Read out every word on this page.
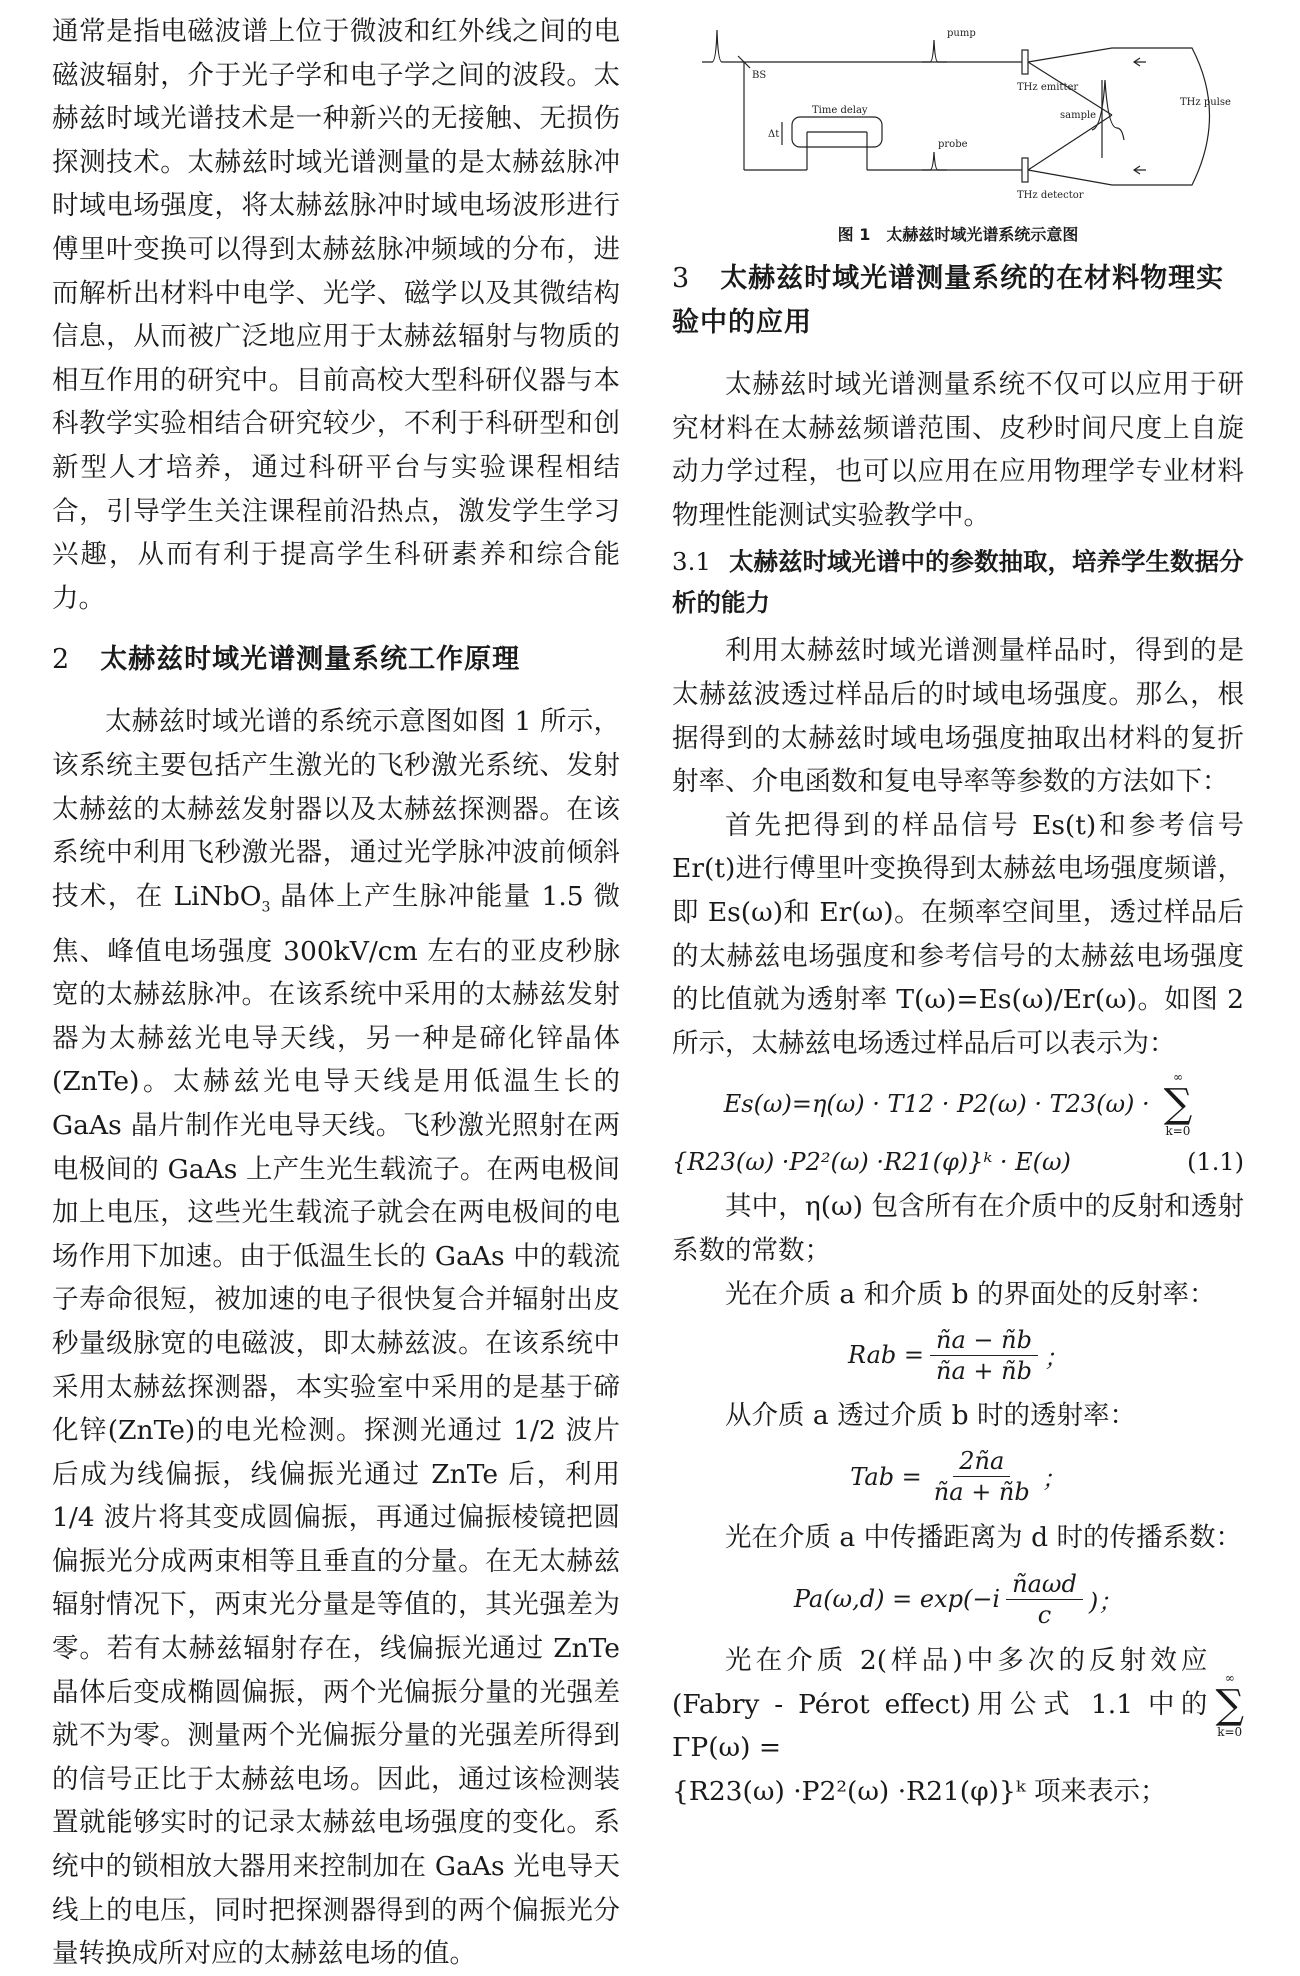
通常是指电磁波谱上位于微波和红外线之间的电磁波辐射，介于光子学和电子学之间的波段。太赫兹时域光谱技术是一种新兴的无接触、无损伤探测技术。太赫兹时域光谱测量的是太赫兹脉冲时域电场强度，将太赫兹脉冲时域电场波形进行傅里叶变换可以得到太赫兹脉冲频域的分布，进而解析出材料中电学、光学、磁学以及其微结构信息，从而被广泛地应用于太赫兹辐射与物质的相互作用的研究中。目前高校大型科研仪器与本科教学实验相结合研究较少，不利于科研型和创新型人才培养，通过科研平台与实验课程相结合，引导学生关注课程前沿热点，激发学生学习兴趣，从而有利于提高学生科研素养和综合能力。

2 太赫兹时域光谱测量系统工作原理

太赫兹时域光谱的系统示意图如图 1 所示，该系统主要包括产生激光的飞秒激光系统、发射太赫兹的太赫兹发射器以及太赫兹探测器。在该系统中利用飞秒激光器，通过光学脉冲波前倾斜技术，在 LiNbO$_3$ 晶体上产生脉冲能量 1.5 微焦、峰值电场强度 300kV/cm 左右的亚皮秒脉宽的太赫兹脉冲。在该系统中采用的太赫兹发射器为太赫兹光电导天线，另一种是碲化锌晶体(ZnTe)。太赫兹光电导天线是用低温生长的 GaAs 晶片制作光电导天线。飞秒激光照射在两电极间的 GaAs 上产生光生载流子。在两电极间加上电压，这些光生载流子就会在两电极间的电场作用下加速。由于低温生长的 GaAs 中的载流子寿命很短，被加速的电子很快复合并辐射出皮秒量级脉宽的电磁波，即太赫兹波。在该系统中采用太赫兹探测器，本实验室中采用的是基于碲化锌(ZnTe)的电光检测。探测光通过 1/2 波片后成为线偏振，线偏振光通过 ZnTe 后，利用 1/4 波片将其变成圆偏振，再通过偏振棱镜把圆偏振光分成两束相等且垂直的分量。在无太赫兹辐射情况下，两束光分量是等值的，其光强差为零。若有太赫兹辐射存在，线偏振光通过 ZnTe 晶体后变成椭圆偏振，两个光偏振分量的光强差就不为零。测量两个光偏振分量的光强差所得到的信号正比于太赫兹电场。因此，通过该检测装置就能够实时的记录太赫兹电场强度的变化。系统中的锁相放大器用来控制加在 GaAs 光电导天线上的电压，同时把探测器得到的两个偏振光分量转换成所对应的太赫兹电场的值。

pump
BS
THz emitter
THz pulse
sample
Time delay
Δt
probe
THz detector
图 1　太赫兹时域光谱系统示意图
3 太赫兹时域光谱测量系统的在材料物理实验中的应用

太赫兹时域光谱测量系统不仅可以应用于研究材料在太赫兹频谱范围、皮秒时间尺度上自旋动力学过程，也可以应用在应用物理学专业材料物理性能测试实验教学中。

3.1 太赫兹时域光谱中的参数抽取，培养学生数据分析的能力

利用太赫兹时域光谱测量样品时，得到的是太赫兹波透过样品后的时域电场强度。那么，根据得到的太赫兹时域电场强度抽取出材料的复折射率、介电函数和复电导率等参数的方法如下：

首先把得到的样品信号 Es(t)和参考信号 Er(t)进行傅里叶变换得到太赫兹电场强度频谱，即 Es(ω)和 Er(ω)。在频率空间里，透过样品后的太赫兹电场强度和参考信号的太赫兹电场强度的比值就为透射率 T(ω)=Es(ω)/Er(ω)。如图 2 所示，太赫兹电场透过样品后可以表示为：

Es(ω)=η(ω) · T12 · P2(ω) · T23(ω) ·
∞
∑
k=0
{R23(ω) ·P2²(ω) ·R21(φ)}ᵏ · E(ω)	(1.1)

其中，η(ω) 包含所有在介质中的反射和透射系数的常数；

光在介质 a 和介质 b 的界面处的反射率：

Rab = $\frac{ña - ñb}{ña + ñb}$ ；

从介质 a 透过介质 b 时的透射率：

Tab = $\frac{2ña}{ña + ñb}$ ；

光在介质 a 中传播距离为 d 时的传播系数：

$Pa(\omega,d) = \exp(-i \frac{\text{ñaωd}}{c}$ )；

光在介质 2(样品)中多次的反射效应(Fabry - Pérot effect)用公式 1.1 中的 ΓP(ω) =

∞
∑
k=0

{R23(ω) ·P2²(ω) ·R21(φ)}ᵏ 项来表示；
